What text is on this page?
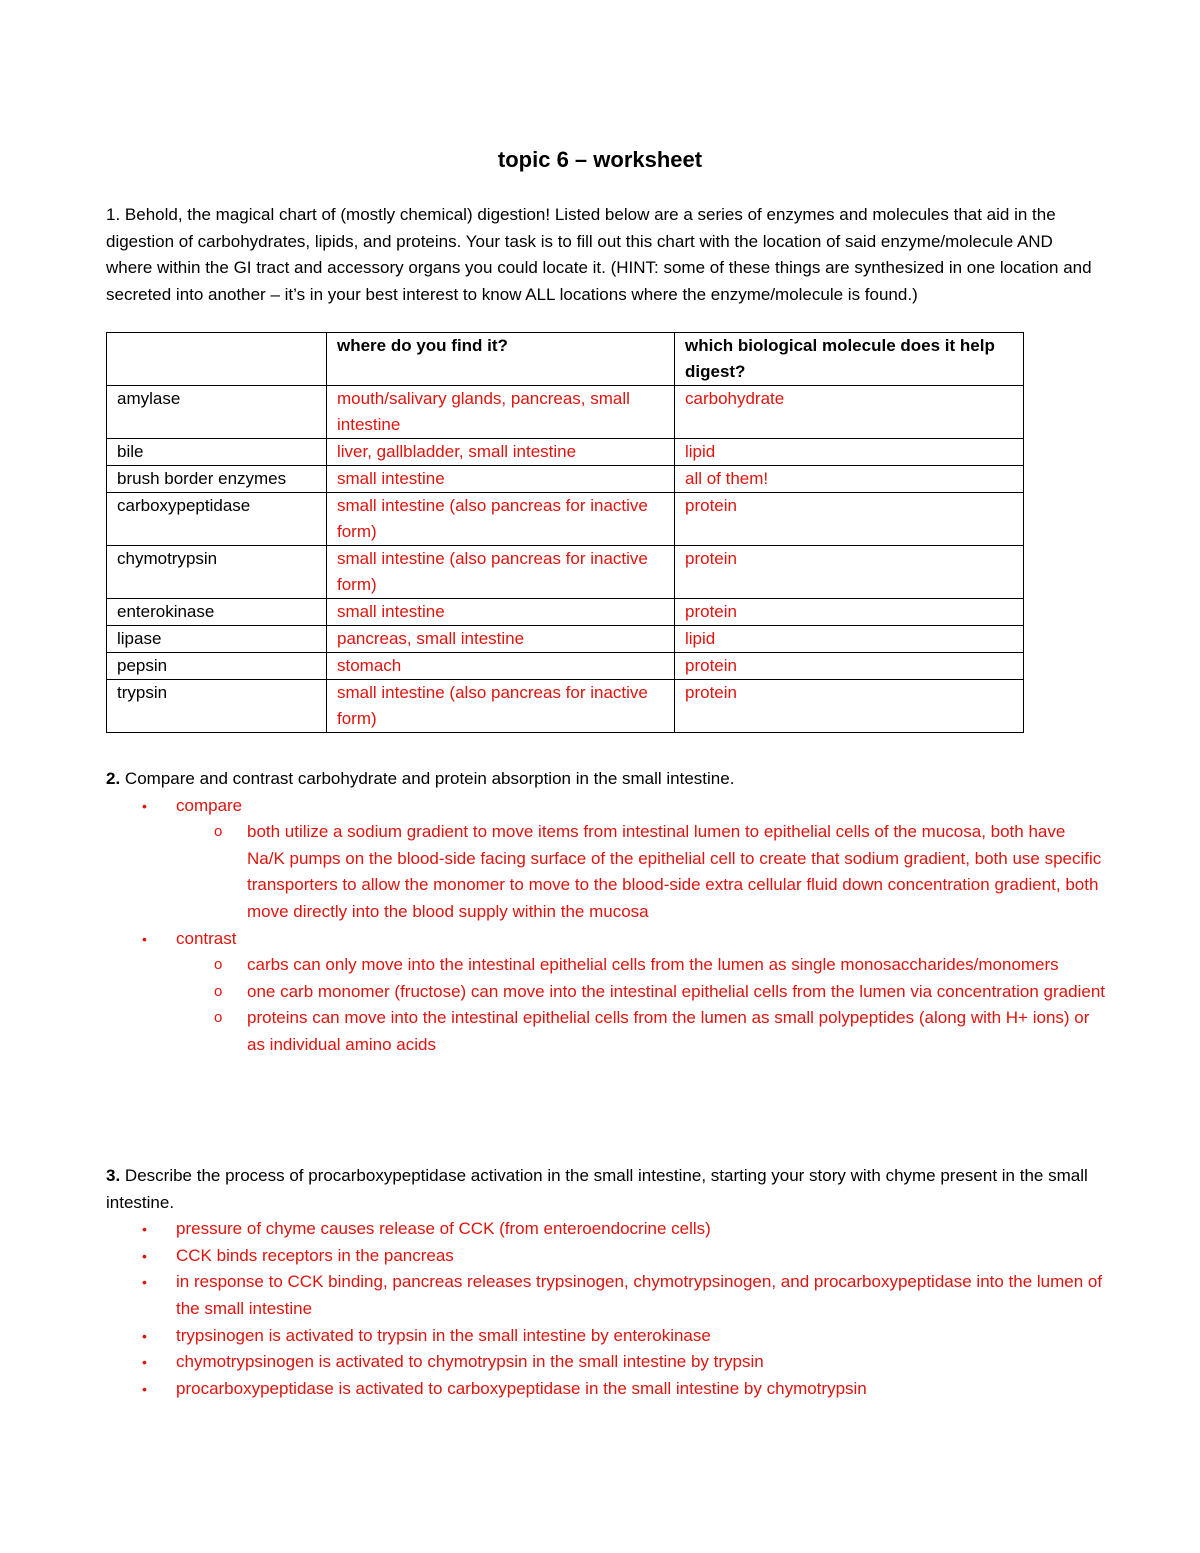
topic 6 – worksheet

1. Behold, the magical chart of (mostly chemical) digestion! Listed below are a series of enzymes and molecules that aid in the digestion of carbohydrates, lipids, and proteins. Your task is to fill out this chart with the location of said enzyme/molecule AND where within the GI tract and accessory organs you could locate it. (HINT: some of these things are synthesized in one location and secreted into another – it’s in your best interest to know ALL locations where the enzyme/molecule is found.)

	where do you find it?	which biological molecule does it help digest?
amylase	mouth/salivary glands, pancreas, small intestine	carbohydrate
bile	liver, gallbladder, small intestine	lipid
brush border enzymes	small intestine	all of them!
carboxypeptidase	small intestine (also pancreas for inactive form)	protein
chymotrypsin	small intestine (also pancreas for inactive form)	protein
enterokinase	small intestine	protein
lipase	pancreas, small intestine	lipid
pepsin	stomach	protein
trypsin	small intestine (also pancreas for inactive form)	protein

2. Compare and contrast carbohydrate and protein absorption in the small intestine.

• compare
o both utilize a sodium gradient to move items from intestinal lumen to epithelial cells of the mucosa, both have Na/K pumps on the blood-side facing surface of the epithelial cell to create that sodium gradient, both use specific transporters to allow the monomer to move to the blood-side extra cellular fluid down concentration gradient, both move directly into the blood supply within the mucosa
• contrast
o carbs can only move into the intestinal epithelial cells from the lumen as single monosaccharides/monomers
o one carb monomer (fructose) can move into the intestinal epithelial cells from the lumen via concentration gradient
o proteins can move into the intestinal epithelial cells from the lumen as small polypeptides (along with H+ ions) or as individual amino acids

3. Describe the process of procarboxypeptidase activation in the small intestine, starting your story with chyme present in the small intestine.

• pressure of chyme causes release of CCK (from enteroendocrine cells)
• CCK binds receptors in the pancreas
• in response to CCK binding, pancreas releases trypsinogen, chymotrypsinogen, and procarboxypeptidase into the lumen of the small intestine
• trypsinogen is activated to trypsin in the small intestine by enterokinase
• chymotrypsinogen is activated to chymotrypsin in the small intestine by trypsin
• procarboxypeptidase is activated to carboxypeptidase in the small intestine by chymotrypsin
